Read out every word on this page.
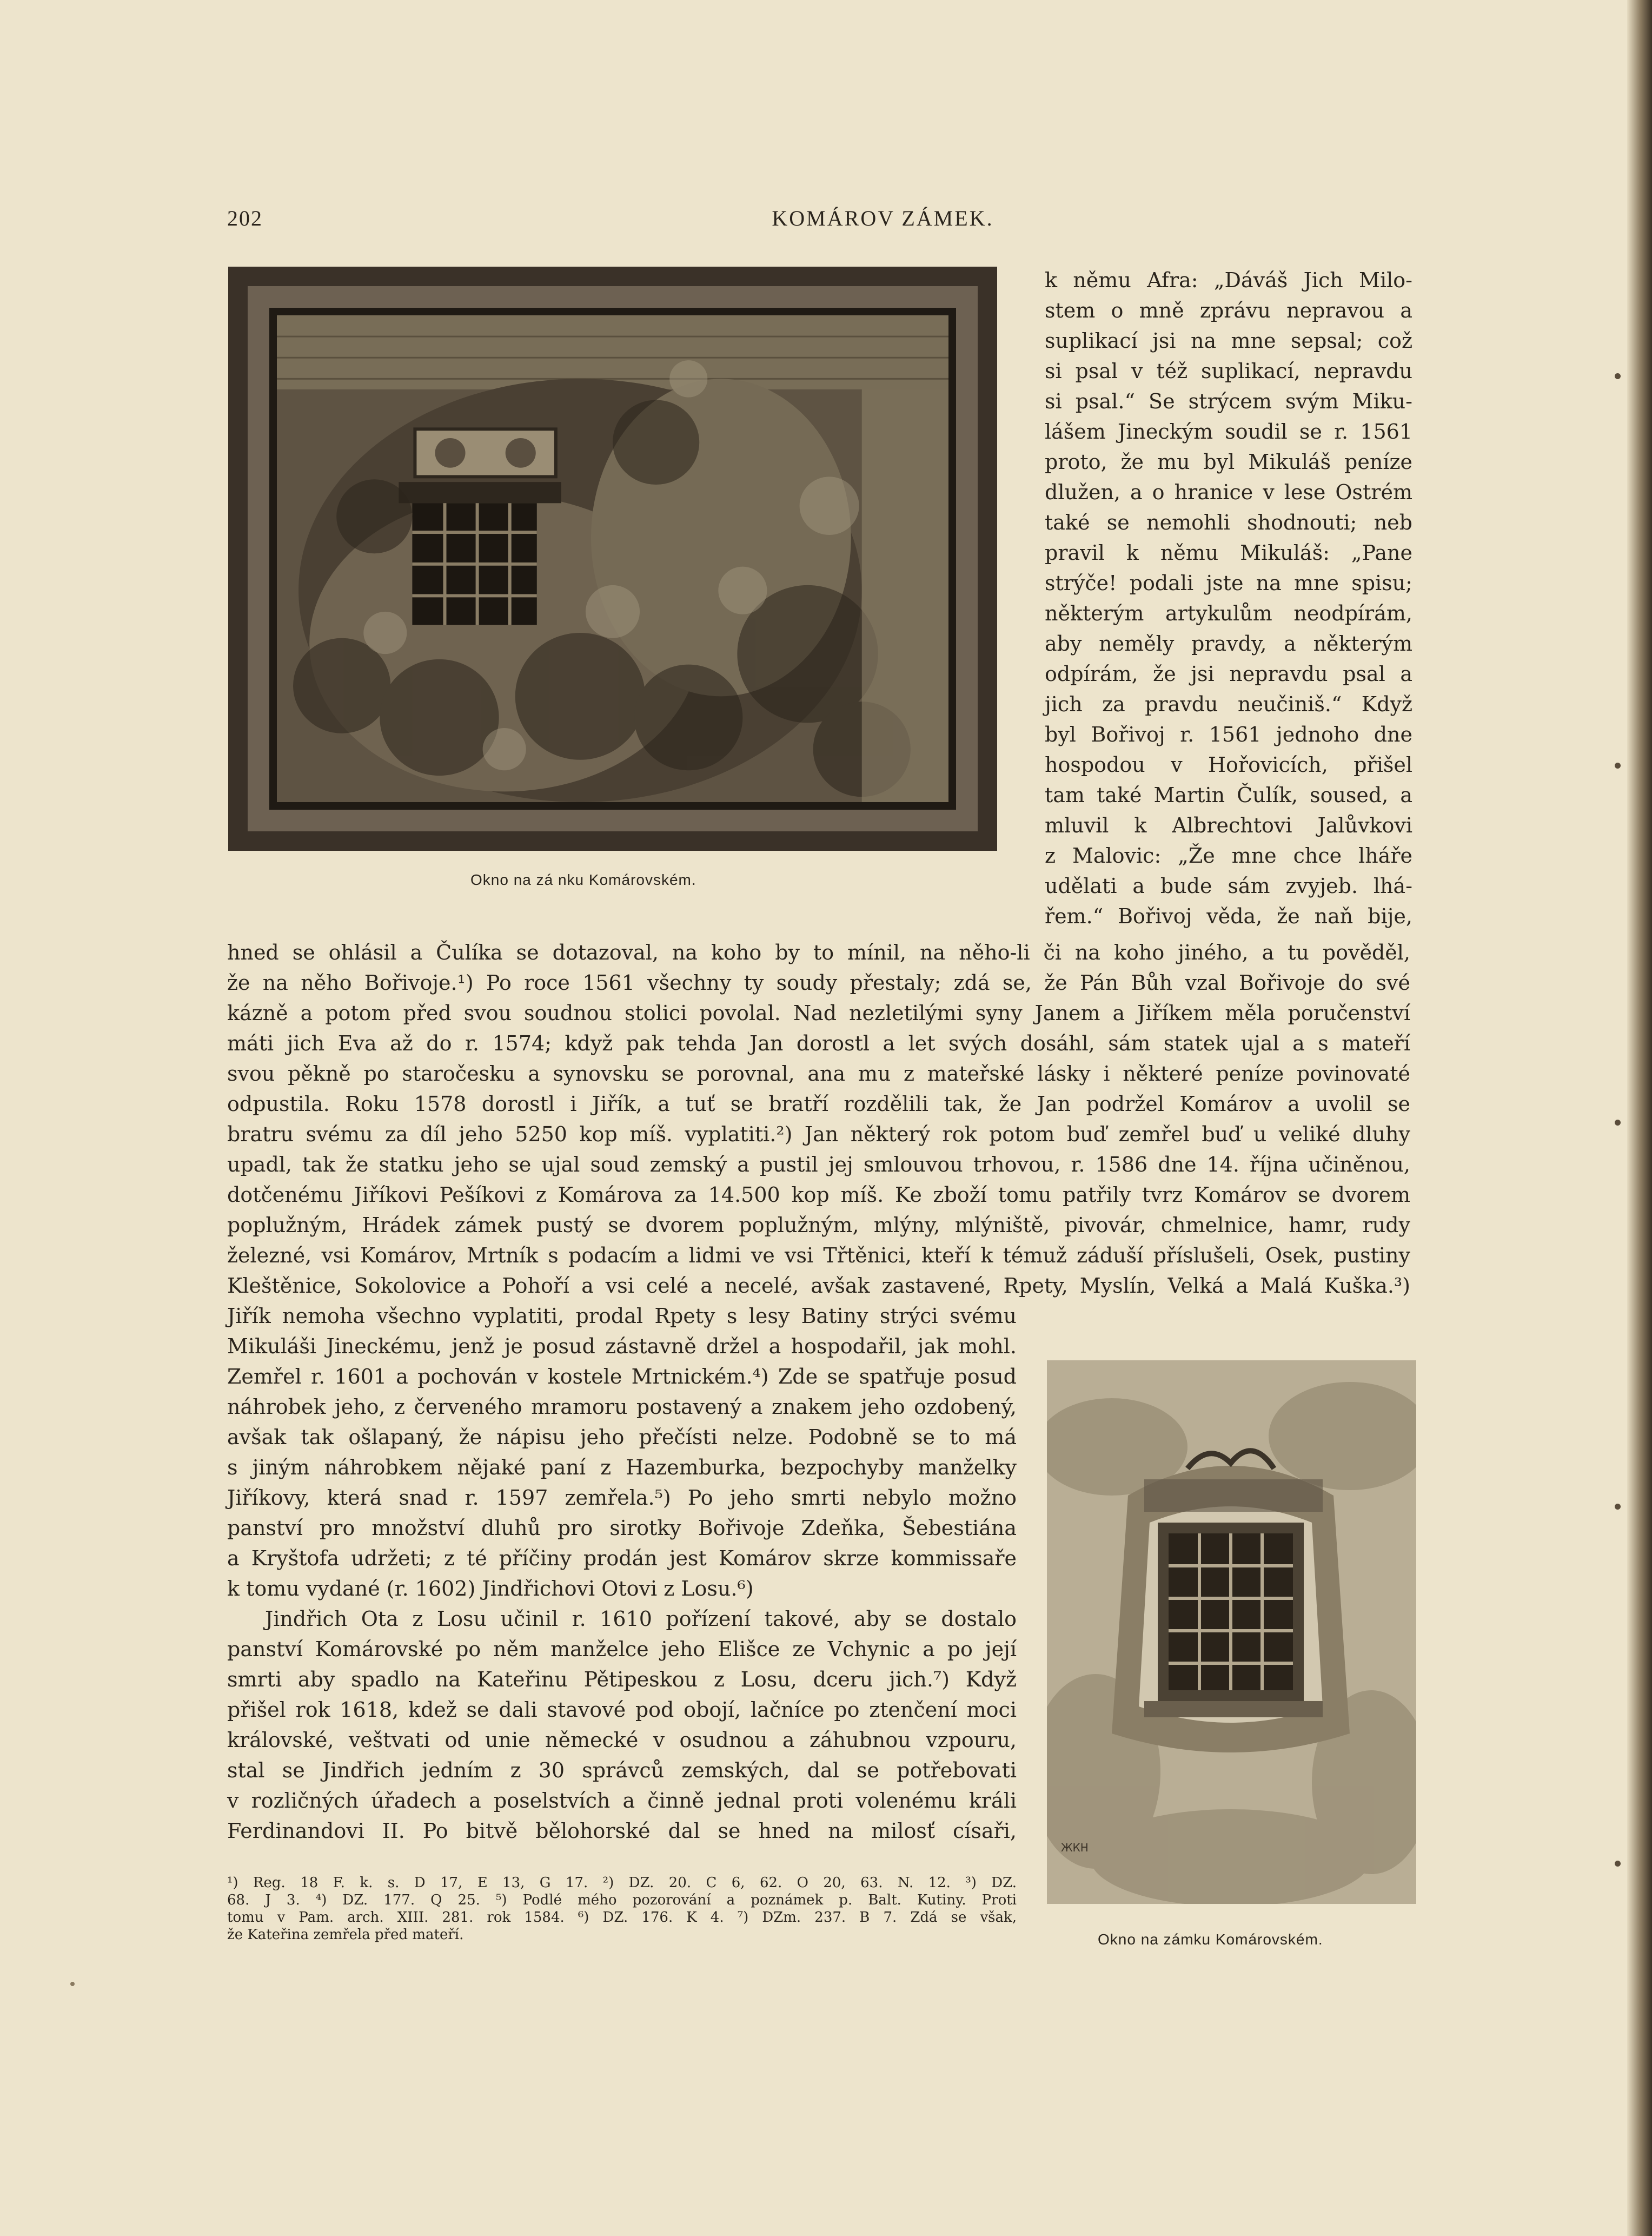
202	KOMÁROV ZÁMEK.
Okno na zá nku Komárovském.
k němu Afra: „Dáváš Jich Milo-
stem o mně zprávu nepravou a
suplikací jsi na mne sepsal; což
si psal v též suplikací, nepravdu
si psal.“ Se strýcem svým Miku-
lášem Jineckým soudil se r. 1561
proto, že mu byl Mikuláš peníze
dlužen, a o hranice v lese Ostrém
také se nemohli shodnouti; neb
pravil k němu Mikuláš: „Pane
strýče! podali jste na mne spisu;
některým artykulům neodpírám,
aby neměly pravdy, a některým
odpírám, že jsi nepravdu psal a
jich za pravdu neučiniš.“ Když
byl Bořivoj r. 1561 jednoho dne
hospodou v Hořovicích, přišel
tam také Martin Čulík, soused, a
mluvil k Albrechtovi Jalůvkovi
z Malovic: „Že mne chce lháře
udělati a bude sám zvyjeb. lhá-
řem.“ Bořivoj věda, že naň bije,
hned se ohlásil a Čulíka se dotazoval, na koho by to mínil, na něho-li či na koho jiného, a tu pověděl,
že na něho Bořivoje.¹) Po roce 1561 všechny ty soudy přestaly; zdá se, že Pán Bůh vzal Bořivoje do své
kázně a potom před svou soudnou stolici povolal. Nad nezletilými syny Janem a Jiříkem měla poručenství
máti jich Eva až do r. 1574; když pak tehda Jan dorostl a let svých dosáhl, sám statek ujal a s mateří
svou pěkně po staročesku a synovsku se porovnal, ana mu z mateřské lásky i některé peníze povinovaté
odpustila. Roku 1578 dorostl i Jiřík, a tuť se bratří rozdělili tak, že Jan podržel Komárov a uvolil se
bratru svému za díl jeho 5250 kop míš. vyplatiti.²) Jan některý rok potom buď zemřel buď u veliké dluhy
upadl, tak že statku jeho se ujal soud zemský a pustil jej smlouvou trhovou, r. 1586 dne 14. října učiněnou,
dotčenému Jiříkovi Pešíkovi z Komárova za 14.500 kop míš. Ke zboží tomu patřily tvrz Komárov se dvorem
poplužným, Hrádek zámek pustý se dvorem poplužným, mlýny, mlýniště, pivovár, chmelnice, hamr, rudy
železné, vsi Komárov, Mrtník s podacím a lidmi ve vsi Třtěnici, kteří k témuž záduší příslušeli, Osek, pustiny
Kleštěnice, Sokolovice a Pohoří a vsi celé a necelé, avšak zastavené, Rpety, Myslín, Velká a Malá Kuška.³)
Jiřík nemoha všechno vyplatiti, prodal Rpety s lesy Batiny strýci svému
Mikuláši Jineckému, jenž je posud zástavně držel a hospodařil, jak mohl.
Zemřel r. 1601 a pochován v kostele Mrtnickém.⁴) Zde se spatřuje posud
náhrobek jeho, z červeného mramoru postavený a znakem jeho ozdobený,
avšak tak ošlapaný, že nápisu jeho přečísti nelze. Podobně se to má
s jiným náhrobkem nějaké paní z Hazemburka, bezpochyby manželky
Jiříkovy, která snad r. 1597 zemřela.⁵) Po jeho smrti nebylo možno
panství pro množství dluhů pro sirotky Bořivoje Zdeňka, Šebestiána
a Kryštofa udržeti; z té příčiny prodán jest Komárov skrze kommissaře
k tomu vydané (r. 1602) Jindřichovi Otovi z Losu.⁶)
Jindřich Ota z Losu učinil r. 1610 pořízení takové, aby se dostalo
panství Komárovské po něm manželce jeho Elišce ze Vchynic a po její
smrti aby spadlo na Kateřinu Pětipeskou z Losu, dceru jich.⁷) Když
přišel rok 1618, kdež se dali stavové pod obojí, lačníce po ztenčení moci
královské, veštvati od unie německé v osudnou a záhubnou vzpouru,
stal se Jindřich jedním z 30 správců zemských, dal se potřebovati
v rozličných úřadech a poselstvích a činně jednal proti volenému králi
Ferdinandovi II. Po bitvě bělohorské dal se hned na milosť císaři,
ЖКН
Okno na zámku Komárovském.
¹) Reg. 18 F. k. s. D 17, E 13, G 17. ²) DZ. 20. C 6, 62. O 20, 63. N. 12. ³) DZ.
68. J 3. ⁴) DZ. 177. Q 25. ⁵) Podlé mého pozorování a poznámek p. Balt. Kutiny. Proti
tomu v Pam. arch. XIII. 281. rok 1584. ⁶) DZ. 176. K 4. ⁷) DZm. 237. B 7. Zdá se však,
že Kateřina zemřela před mateří.
